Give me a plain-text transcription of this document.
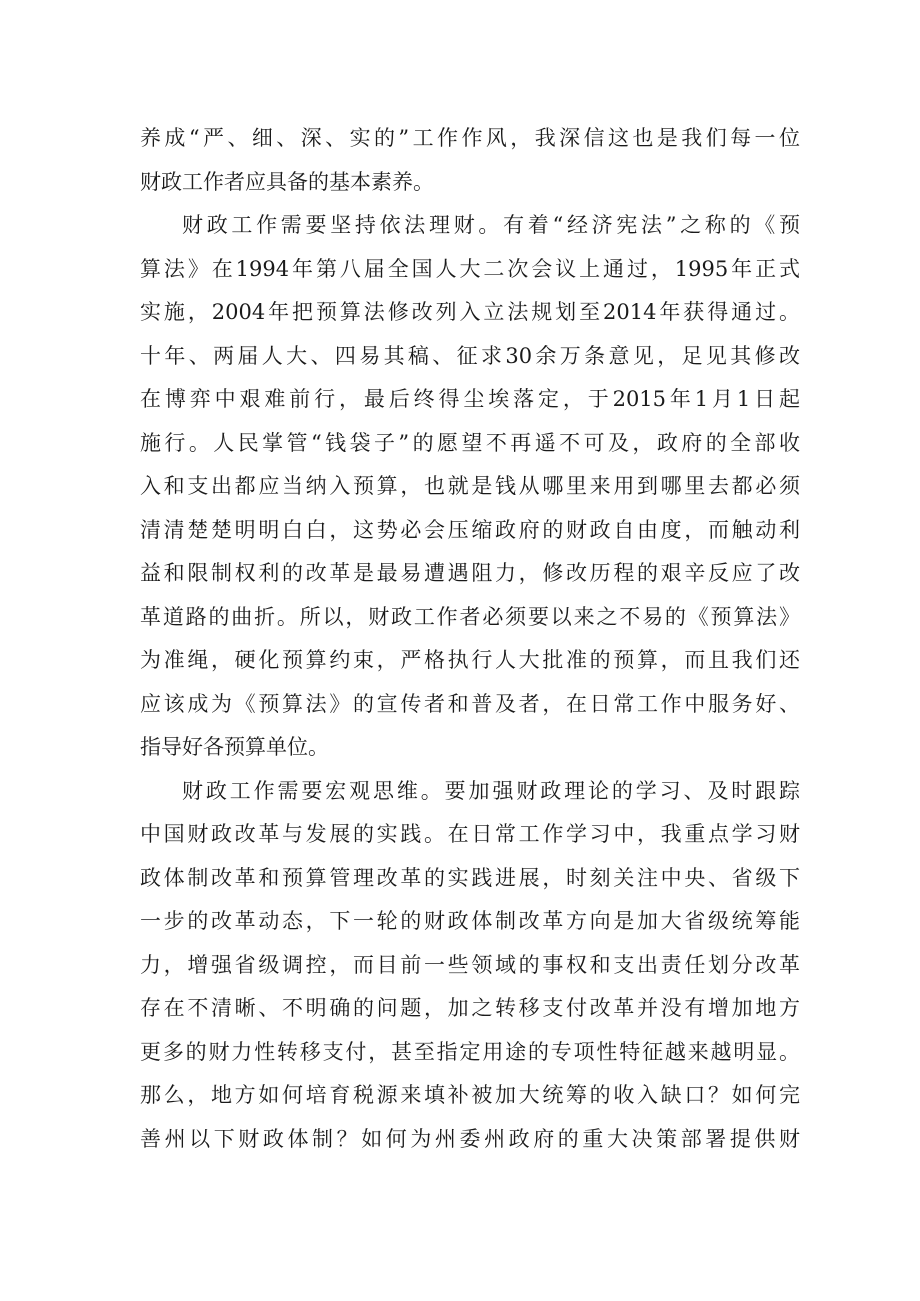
养成“严、细、深、实的”工作作风，我深信这也是我们每一位
财政工作者应具备的基本素养。
财政工作需要坚持依法理财。有着“经济宪法”之称的《预
算法》在1994年第八届全国人大二次会议上通过，1995年正式
实施，2004年把预算法修改列入立法规划至2014年获得通过。
十年、两届人大、四易其稿、征求30余万条意见，足见其修改
在博弈中艰难前行，最后终得尘埃落定，于2015年1月1日起
施行。人民掌管“钱袋子”的愿望不再遥不可及，政府的全部收
入和支出都应当纳入预算，也就是钱从哪里来用到哪里去都必须
清清楚楚明明白白，这势必会压缩政府的财政自由度，而触动利
益和限制权利的改革是最易遭遇阻力，修改历程的艰辛反应了改
革道路的曲折。所以，财政工作者必须要以来之不易的《预算法》
为准绳，硬化预算约束，严格执行人大批准的预算，而且我们还
应该成为《预算法》的宣传者和普及者，在日常工作中服务好、
指导好各预算单位。
财政工作需要宏观思维。要加强财政理论的学习、及时跟踪
中国财政改革与发展的实践。在日常工作学习中，我重点学习财
政体制改革和预算管理改革的实践进展，时刻关注中央、省级下
一步的改革动态，下一轮的财政体制改革方向是加大省级统筹能
力，增强省级调控，而目前一些领域的事权和支出责任划分改革
存在不清晰、不明确的问题，加之转移支付改革并没有增加地方
更多的财力性转移支付，甚至指定用途的专项性特征越来越明显。
那么，地方如何培育税源来填补被加大统筹的收入缺口？如何完
善州以下财政体制？如何为州委州政府的重大决策部署提供财
